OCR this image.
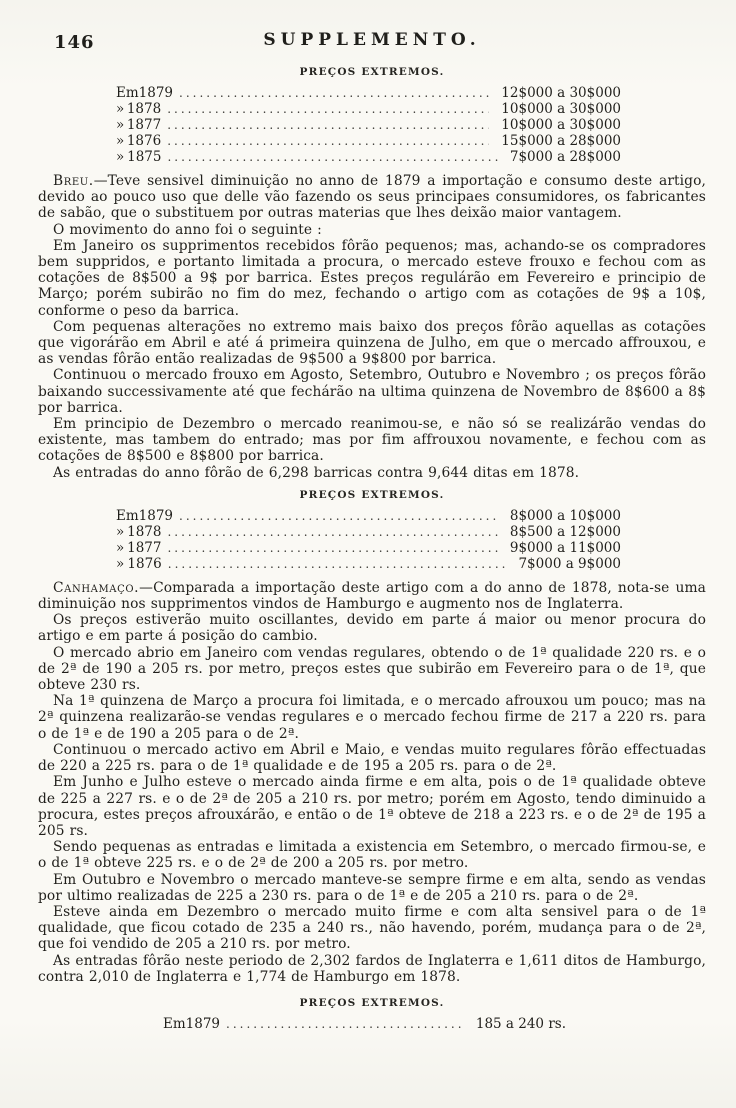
146	SUPPLEMENTO.
PREÇOS EXTREMOS.
Em 1879 .....	12$000 a 30$000
» 1878 .....	10$000 a 30$000
» 1877 .....	10$000 a 30$000
» 1876 .....	15$000 a 28$000
» 1875 .....	7$000 a 28$000

Breu.—Teve sensivel diminuição no anno de 1879 a importação e consumo deste artigo, devido ao pouco uso que delle vão fazendo os seus principaes consumidores, os fabricantes de sabão, que o substituem por outras materias que lhes deixão maior vantagem.

O movimento do anno foi o seguinte :

Em Janeiro os supprimentos recebidos fôrão pequenos; mas, achando-se os compradores bem suppridos, e portanto limitada a procura, o mercado esteve frouxo e fechou com as cotações de 8$500 a 9$ por barrica. Estes preços regulárão em Fevereiro e principio de Março; porém subirão no fim do mez, fechando o artigo com as cotações de 9$ a 10$, conforme o peso da barrica.

Com pequenas alterações no extremo mais baixo dos preços fôrão aquellas as cotações que vigorárão em Abril e até á primeira quinzena de Julho, em que o mercado affrouxou, e as vendas fôrão então realizadas de 9$500 a 9$800 por barrica.

Continuou o mercado frouxo em Agosto, Setembro, Outubro e Novembro ; os preços fôrão baixando successivamente até que fechárão na ultima quinzena de Novembro de 8$600 a 8$ por barrica.

Em principio de Dezembro o mercado reanimou-se, e não só se realizárão vendas do existente, mas tambem do entrado; mas por fim affrouxou novamente, e fechou com as cotações de 8$500 e 8$800 por barrica.

As entradas do anno fôrão de 6,298 barricas contra 9,644 ditas em 1878.

PREÇOS EXTREMOS.
Em 1879 .....	8$000 a 10$000
» 1878 .....	8$500 a 12$000
» 1877 .....	9$000 a 11$000
» 1876 .....	7$000 a 9$000

Canhamaço.—Comparada a importação deste artigo com a do anno de 1878, nota-se uma diminuição nos supprimentos vindos de Hamburgo e augmento nos de Inglaterra.

Os preços estiverão muito oscillantes, devido em parte á maior ou menor procura do artigo e em parte á posição do cambio.

O mercado abrio em Janeiro com vendas regulares, obtendo o de 1ª qualidade 220 rs. e o de 2ª de 190 a 205 rs. por metro, preços estes que subirão em Fevereiro para o de 1ª, que obteve 230 rs.

Na 1ª quinzena de Março a procura foi limitada, e o mercado afrouxou um pouco; mas na 2ª quinzena realizarão-se vendas regulares e o mercado fechou firme de 217 a 220 rs. para o de 1ª e de 190 a 205 para o de 2ª.

Continuou o mercado activo em Abril e Maio, e vendas muito regulares fôrão effectuadas de 220 a 225 rs. para o de 1ª qualidade e de 195 a 205 rs. para o de 2ª.

Em Junho e Julho esteve o mercado ainda firme e em alta, pois o de 1ª qualidade obteve de 225 a 227 rs. e o de 2ª de 205 a 210 rs. por metro; porém em Agosto, tendo diminuido a procura, estes preços afrouxárão, e então o de 1ª obteve de 218 a 223 rs. e o de 2ª de 195 a 205 rs.

Sendo pequenas as entradas e limitada a existencia em Setembro, o mercado firmou-se, e o de 1ª obteve 225 rs. e o de 2ª de 200 a 205 rs. por metro.

Em Outubro e Novembro o mercado manteve-se sempre firme e em alta, sendo as vendas por ultimo realizadas de 225 a 230 rs. para o de 1ª e de 205 a 210 rs. para o de 2ª.

Esteve ainda em Dezembro o mercado muito firme e com alta sensivel para o de 1ª qualidade, que ficou cotado de 235 a 240 rs., não havendo, porém, mudança para o de 2ª, que foi vendido de 205 a 210 rs. por metro.

As entradas fôrão neste periodo de 2,302 fardos de Inglaterra e 1,611 ditos de Hamburgo, contra 2,010 de Inglaterra e 1,774 de Hamburgo em 1878.

PREÇOS EXTREMOS.
Em 1879 .....	185 a 240 rs.
